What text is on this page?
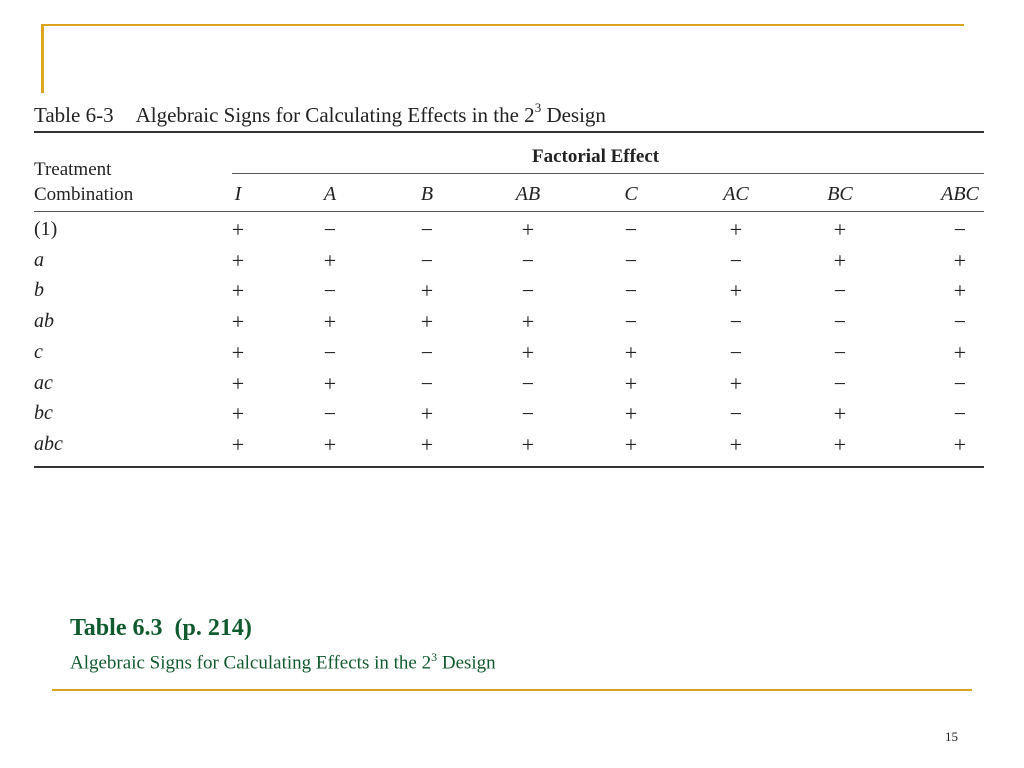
Table 6-3 Algebraic Signs for Calculating Effects in the $2^3$ Design
Treatment
Combination
Factorial Effect
I	A	B	AB	C	AC	BC	ABC
(1)	+	−	−	+	−	+	+	−
a	+	+	−	−	−	−	+	+
b	+	−	+	−	−	+	−	+
ab	+	+	+	+	−	−	−	−
c	+	−	−	+	+	−	−	+
ac	+	+	−	−	+	+	−	−
bc	+	−	+	−	+	−	+	−
abc	+	+	+	+	+	+	+	+
Table 6.3  (p. 214)
Algebraic Signs for Calculating Effects in the $2^3$ Design
15
